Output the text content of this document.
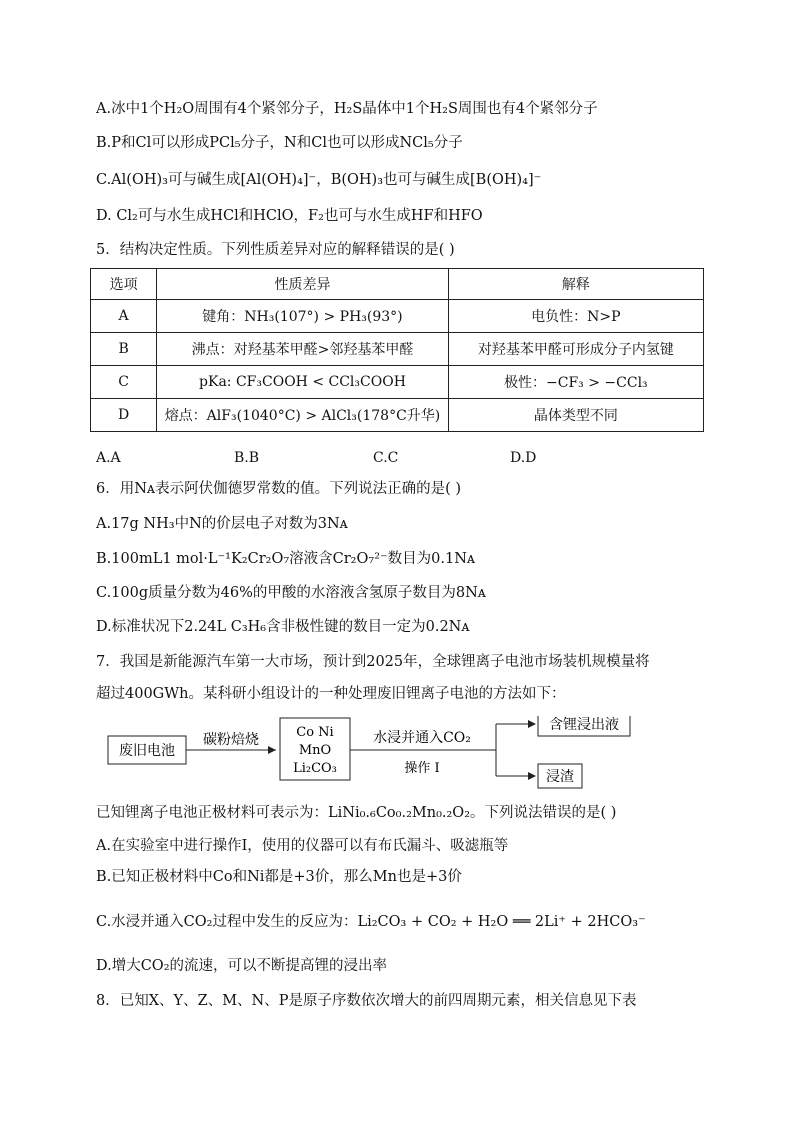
A.冰中1个H₂O周围有4个紧邻分子，H₂S晶体中1个H₂S周围也有4个紧邻分子
B.P和Cl可以形成PCl₅分子，N和Cl也可以形成NCl₅分子
C.Al(OH)₃可与碱生成[Al(OH)₄]⁻，B(OH)₃也可与碱生成[B(OH)₄]⁻
D. Cl₂可与水生成HCl和HClO，F₂也可与水生成HF和HFO
5．结构决定性质。下列性质差异对应的解释错误的是( )
选项	性质差异	解释
A	键角：NH₃(107°) > PH₃(93°)	电负性：N>P
B	沸点：对羟基苯甲醛>邻羟基苯甲醛	对羟基苯甲醛可形成分子内氢键
C	pKa: CF₃COOH < CCl₃COOH	极性：−CF₃ > −CCl₃
D	熔点：AlF₃(1040°C) > AlCl₃(178°C升华)	晶体类型不同
A.A	B.B	C.C	D.D
6．用Nᴀ表示阿伏伽德罗常数的值。下列说法正确的是( )
A.17g NH₃中N的价层电子对数为3Nᴀ
B.100mL1 mol·L⁻¹K₂Cr₂O₇溶液含Cr₂O₇²⁻数目为0.1Nᴀ
C.100g质量分数为46%的甲酸的水溶液含氢原子数目为8Nᴀ
D.标准状况下2.24L C₃H₆含非极性键的数目一定为0.2Nᴀ
7．我国是新能源汽车第一大市场，预计到2025年，全球锂离子电池市场装机规模量将
超过400GWh。某科研小组设计的一种处理废旧锂离子电池的方法如下：
废旧电池
碳粉焙烧	Co Ni
MnO
Li₂CO₃
水浸并通入CO₂
操作 I
含锂浸出液
浸渣
已知锂离子电池正极材料可表示为：LiNi₀.₆Co₀.₂Mn₀.₂O₂。下列说法错误的是( )
A.在实验室中进行操作Ⅰ，使用的仪器可以有布氏漏斗、吸滤瓶等
B.已知正极材料中Co和Ni都是+3价，那么Mn也是+3价
C.水浸并通入CO₂过程中发生的反应为：Li₂CO₃ + CO₂ + H₂O ══ 2Li⁺ + 2HCO₃⁻
D.增大CO₂的流速，可以不断提高锂的浸出率
8．已知X、Y、Z、M、N、P是原子序数依次增大的前四周期元素，相关信息见下表
